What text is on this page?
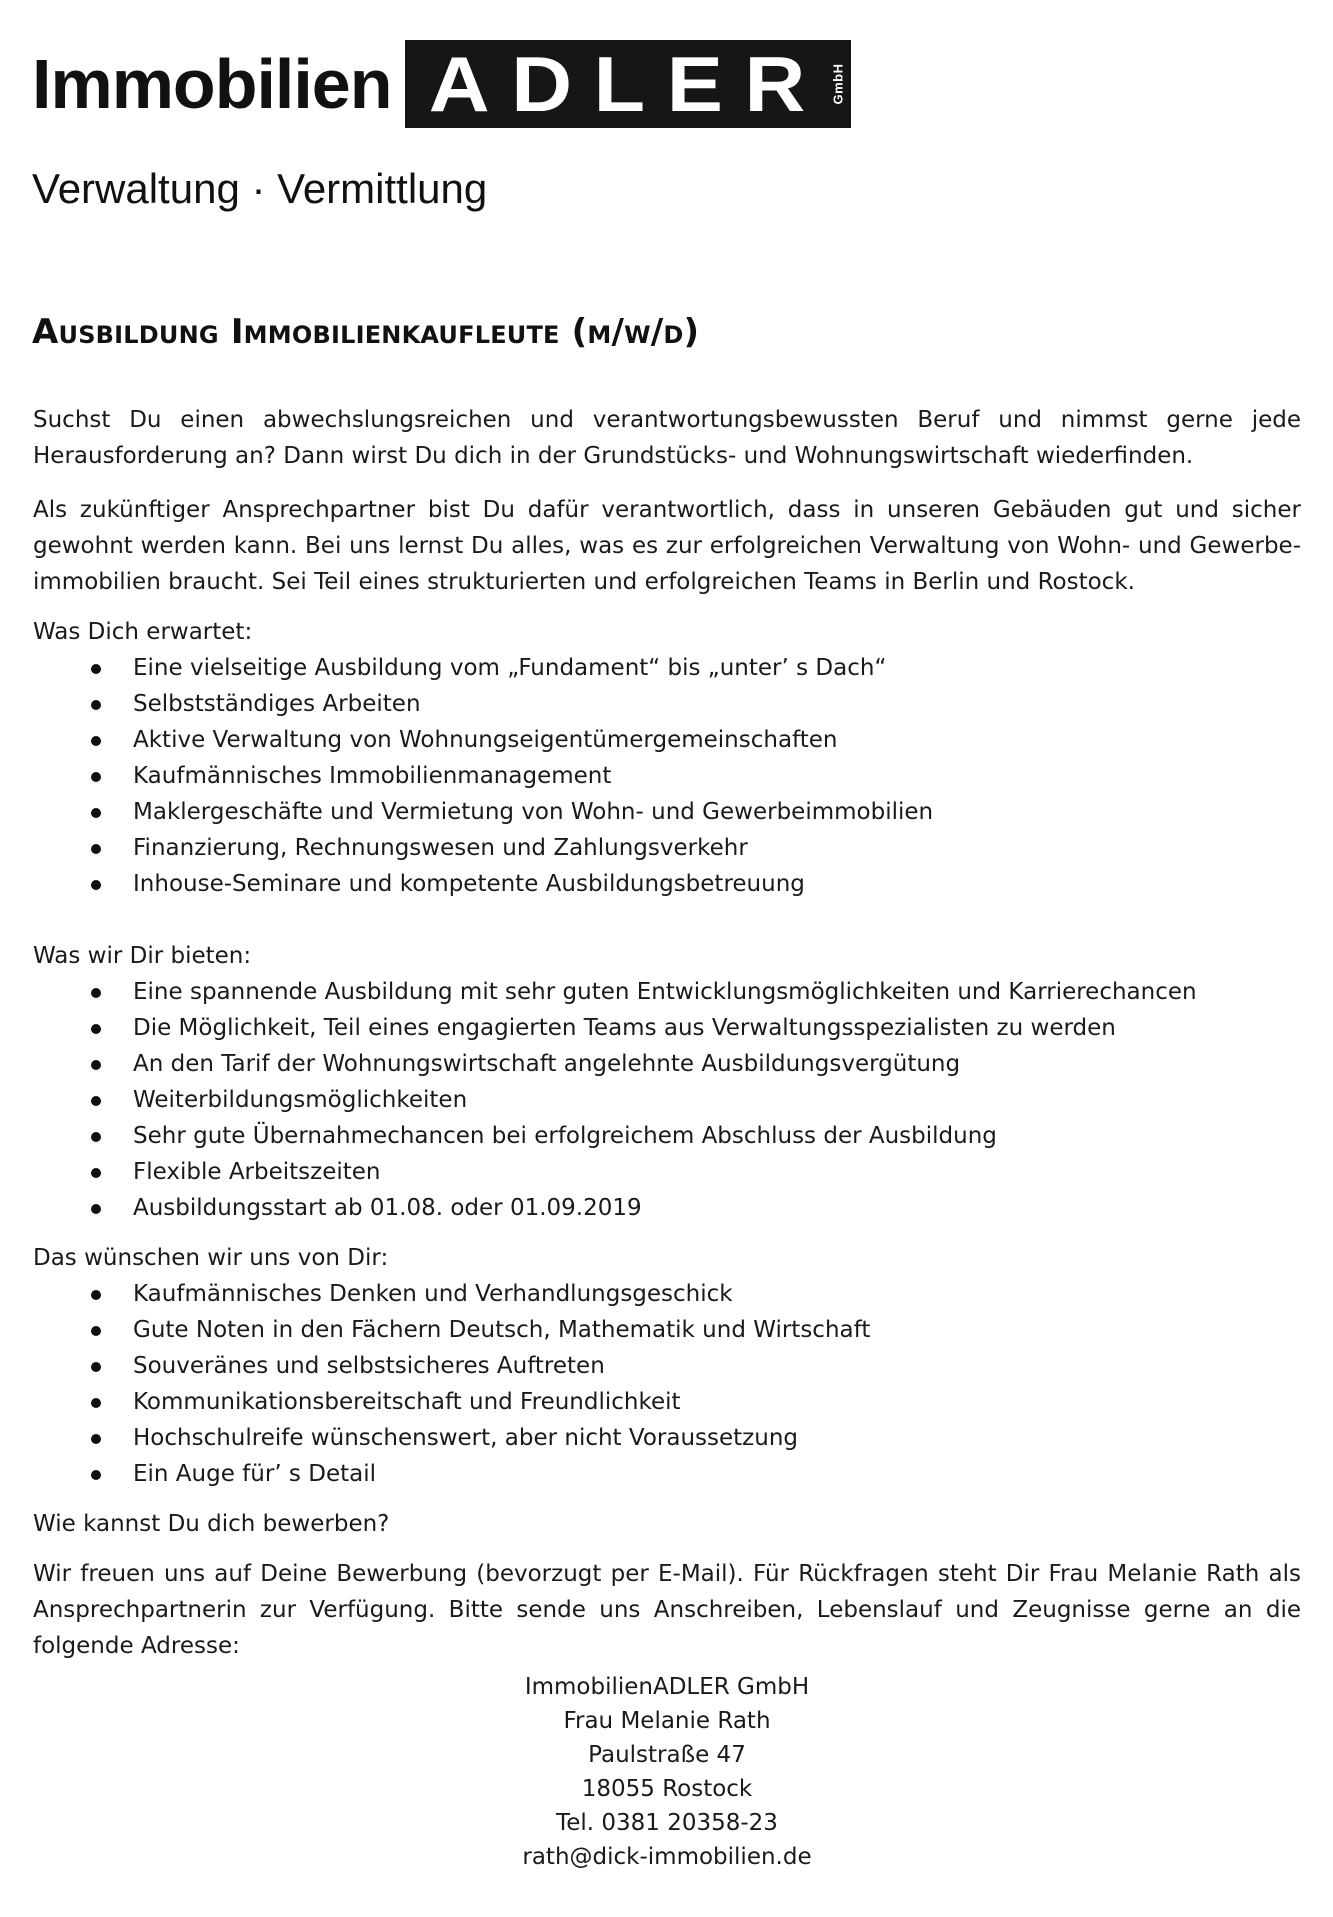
Immobilien ADLER GmbH
Verwaltung · Vermittlung
Ausbildung Immobilienkaufleute (m/w/d)

Suchst Du einen abwechslungsreichen und verantwortungsbewussten Beruf und nimmst gerne jede Herausforderung an? Dann wirst Du dich in der Grundstücks- und Wohnungswirtschaft wiederfinden.

Als zukünftiger Ansprechpartner bist Du dafür verantwortlich, dass in unseren Gebäuden gut und sicher gewohnt werden kann. Bei uns lernst Du alles, was es zur erfolgreichen Verwaltung von Wohn- und Gewerbe-immobilien braucht. Sei Teil eines strukturierten und erfolgreichen Teams in Berlin und Rostock.

Was Dich erwartet:

Eine vielseitige Ausbildung vom „Fundament“ bis „unter’ s Dach“
Selbstständiges Arbeiten
Aktive Verwaltung von Wohnungseigentümergemeinschaften
Kaufmännisches Immobilienmanagement
Maklergeschäfte und Vermietung von Wohn- und Gewerbeimmobilien
Finanzierung, Rechnungswesen und Zahlungsverkehr
Inhouse-Seminare und kompetente Ausbildungsbetreuung

Was wir Dir bieten:

Eine spannende Ausbildung mit sehr guten Entwicklungsmöglichkeiten und Karrierechancen
Die Möglichkeit, Teil eines engagierten Teams aus Verwaltungsspezialisten zu werden
An den Tarif der Wohnungswirtschaft angelehnte Ausbildungsvergütung
Weiterbildungsmöglichkeiten
Sehr gute Übernahmechancen bei erfolgreichem Abschluss der Ausbildung
Flexible Arbeitszeiten
Ausbildungsstart ab 01.08. oder 01.09.2019

Das wünschen wir uns von Dir:

Kaufmännisches Denken und Verhandlungsgeschick
Gute Noten in den Fächern Deutsch, Mathematik und Wirtschaft
Souveränes und selbstsicheres Auftreten
Kommunikationsbereitschaft und Freundlichkeit
Hochschulreife wünschenswert, aber nicht Voraussetzung
Ein Auge für’ s Detail

Wie kannst Du dich bewerben?

Wir freuen uns auf Deine Bewerbung (bevorzugt per E-Mail). Für Rückfragen steht Dir Frau Melanie Rath als Ansprechpartnerin zur Verfügung. Bitte sende uns Anschreiben, Lebenslauf und Zeugnisse gerne an die folgende Adresse:

ImmobilienADLER GmbH
Frau Melanie Rath
Paulstraße 47
18055 Rostock
Tel. 0381 20358-23
rath@dick-immobilien.de
